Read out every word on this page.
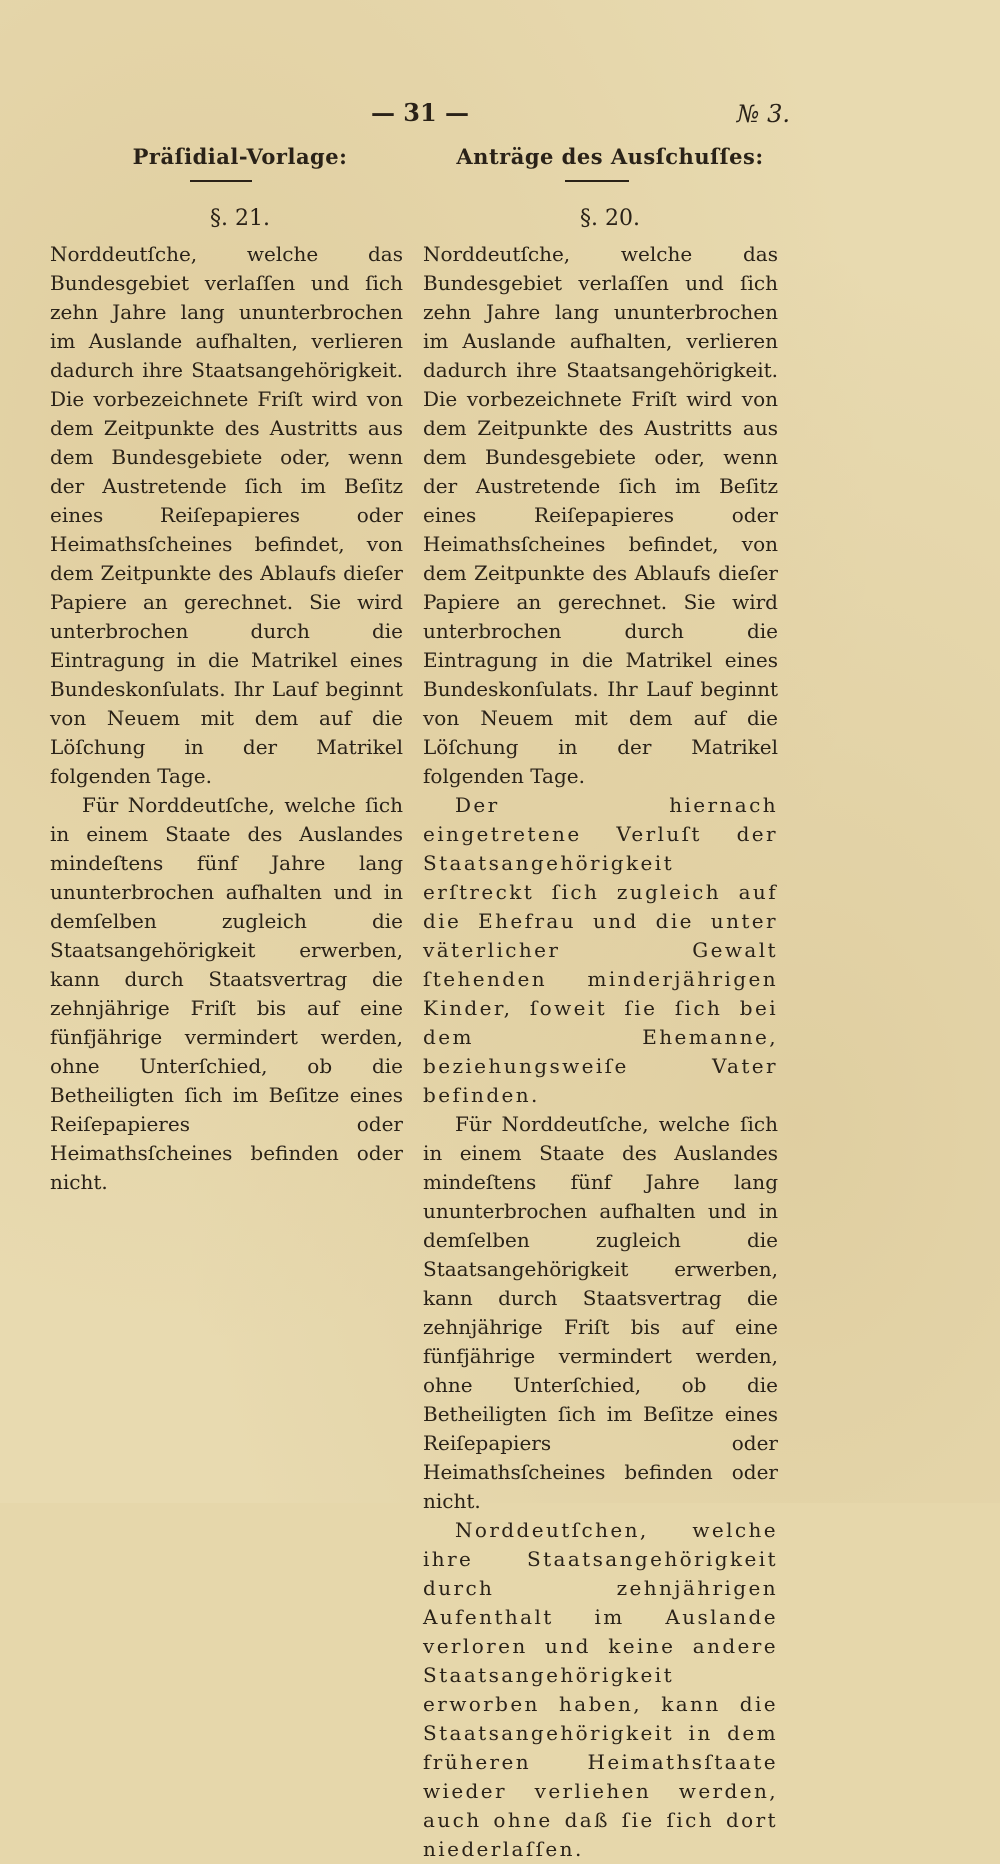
— 31 —	№ 3.
Präſidial-Vorlage:	Anträge des Ausſchuſſes:
§. 21.	§. 20.

Norddeutſche, welche das Bundesgebiet verlaſſen und ſich zehn Jahre lang ununterbrochen im Auslande aufhalten, verlieren dadurch ihre Staatsangehörigkeit. Die vorbezeichnete Friſt wird von dem Zeitpunkte des Austritts aus dem Bundesgebiete oder, wenn der Austretende ſich im Beſitz eines Reiſepapieres oder Heimathsſcheines befindet, von dem Zeitpunkte des Ablaufs dieſer Papiere an gerechnet. Sie wird unterbrochen durch die Eintragung in die Matrikel eines Bundeskonſulats. Ihr Lauf beginnt von Neuem mit dem auf die Löſchung in der Matrikel folgenden Tage.

Für Norddeutſche, welche ſich in einem Staate des Auslandes mindeſtens fünf Jahre lang ununterbrochen aufhalten und in demſelben zugleich die Staatsangehörigkeit erwerben, kann durch Staatsvertrag die zehnjährige Friſt bis auf eine fünfjährige vermindert werden, ohne Unterſchied, ob die Betheiligten ſich im Beſitze eines Reiſepapieres oder Heimathsſcheines befinden oder nicht.

Norddeutſche, welche das Bundesgebiet verlaſſen und ſich zehn Jahre lang ununterbrochen im Auslande aufhalten, verlieren dadurch ihre Staatsangehörigkeit. Die vorbezeichnete Friſt wird von dem Zeitpunkte des Austritts aus dem Bundesgebiete oder, wenn der Austretende ſich im Beſitz eines Reiſepapieres oder Heimathsſcheines befindet, von dem Zeitpunkte des Ablaufs dieſer Papiere an gerechnet. Sie wird unterbrochen durch die Eintragung in die Matrikel eines Bundeskonſulats. Ihr Lauf beginnt von Neuem mit dem auf die Löſchung in der Matrikel folgenden Tage.

Der hiernach eingetretene Verluſt der Staatsangehörigkeit erſtreckt ſich zugleich auf die Ehefrau und die unter väterlicher Gewalt ſtehenden minderjährigen Kinder, ſoweit ſie ſich bei dem Ehemanne, beziehungsweiſe Vater befinden.

Für Norddeutſche, welche ſich in einem Staate des Auslandes mindeſtens fünf Jahre lang ununterbrochen aufhalten und in demſelben zugleich die Staatsangehörigkeit erwerben, kann durch Staatsvertrag die zehnjährige Friſt bis auf eine fünfjährige vermindert werden, ohne Unterſchied, ob die Betheiligten ſich im Beſitze eines Reiſepapiers oder Heimathsſcheines befinden oder nicht.

Norddeutſchen, welche ihre Staatsangehörigkeit durch zehnjährigen Aufenthalt im Auslande verloren und keine andere Staatsangehörigkeit erworben haben, kann die Staatsangehörigkeit in dem früheren Heimathsſtaate wieder verliehen werden, auch ohne daß ſie ſich dort niederlaſſen.
